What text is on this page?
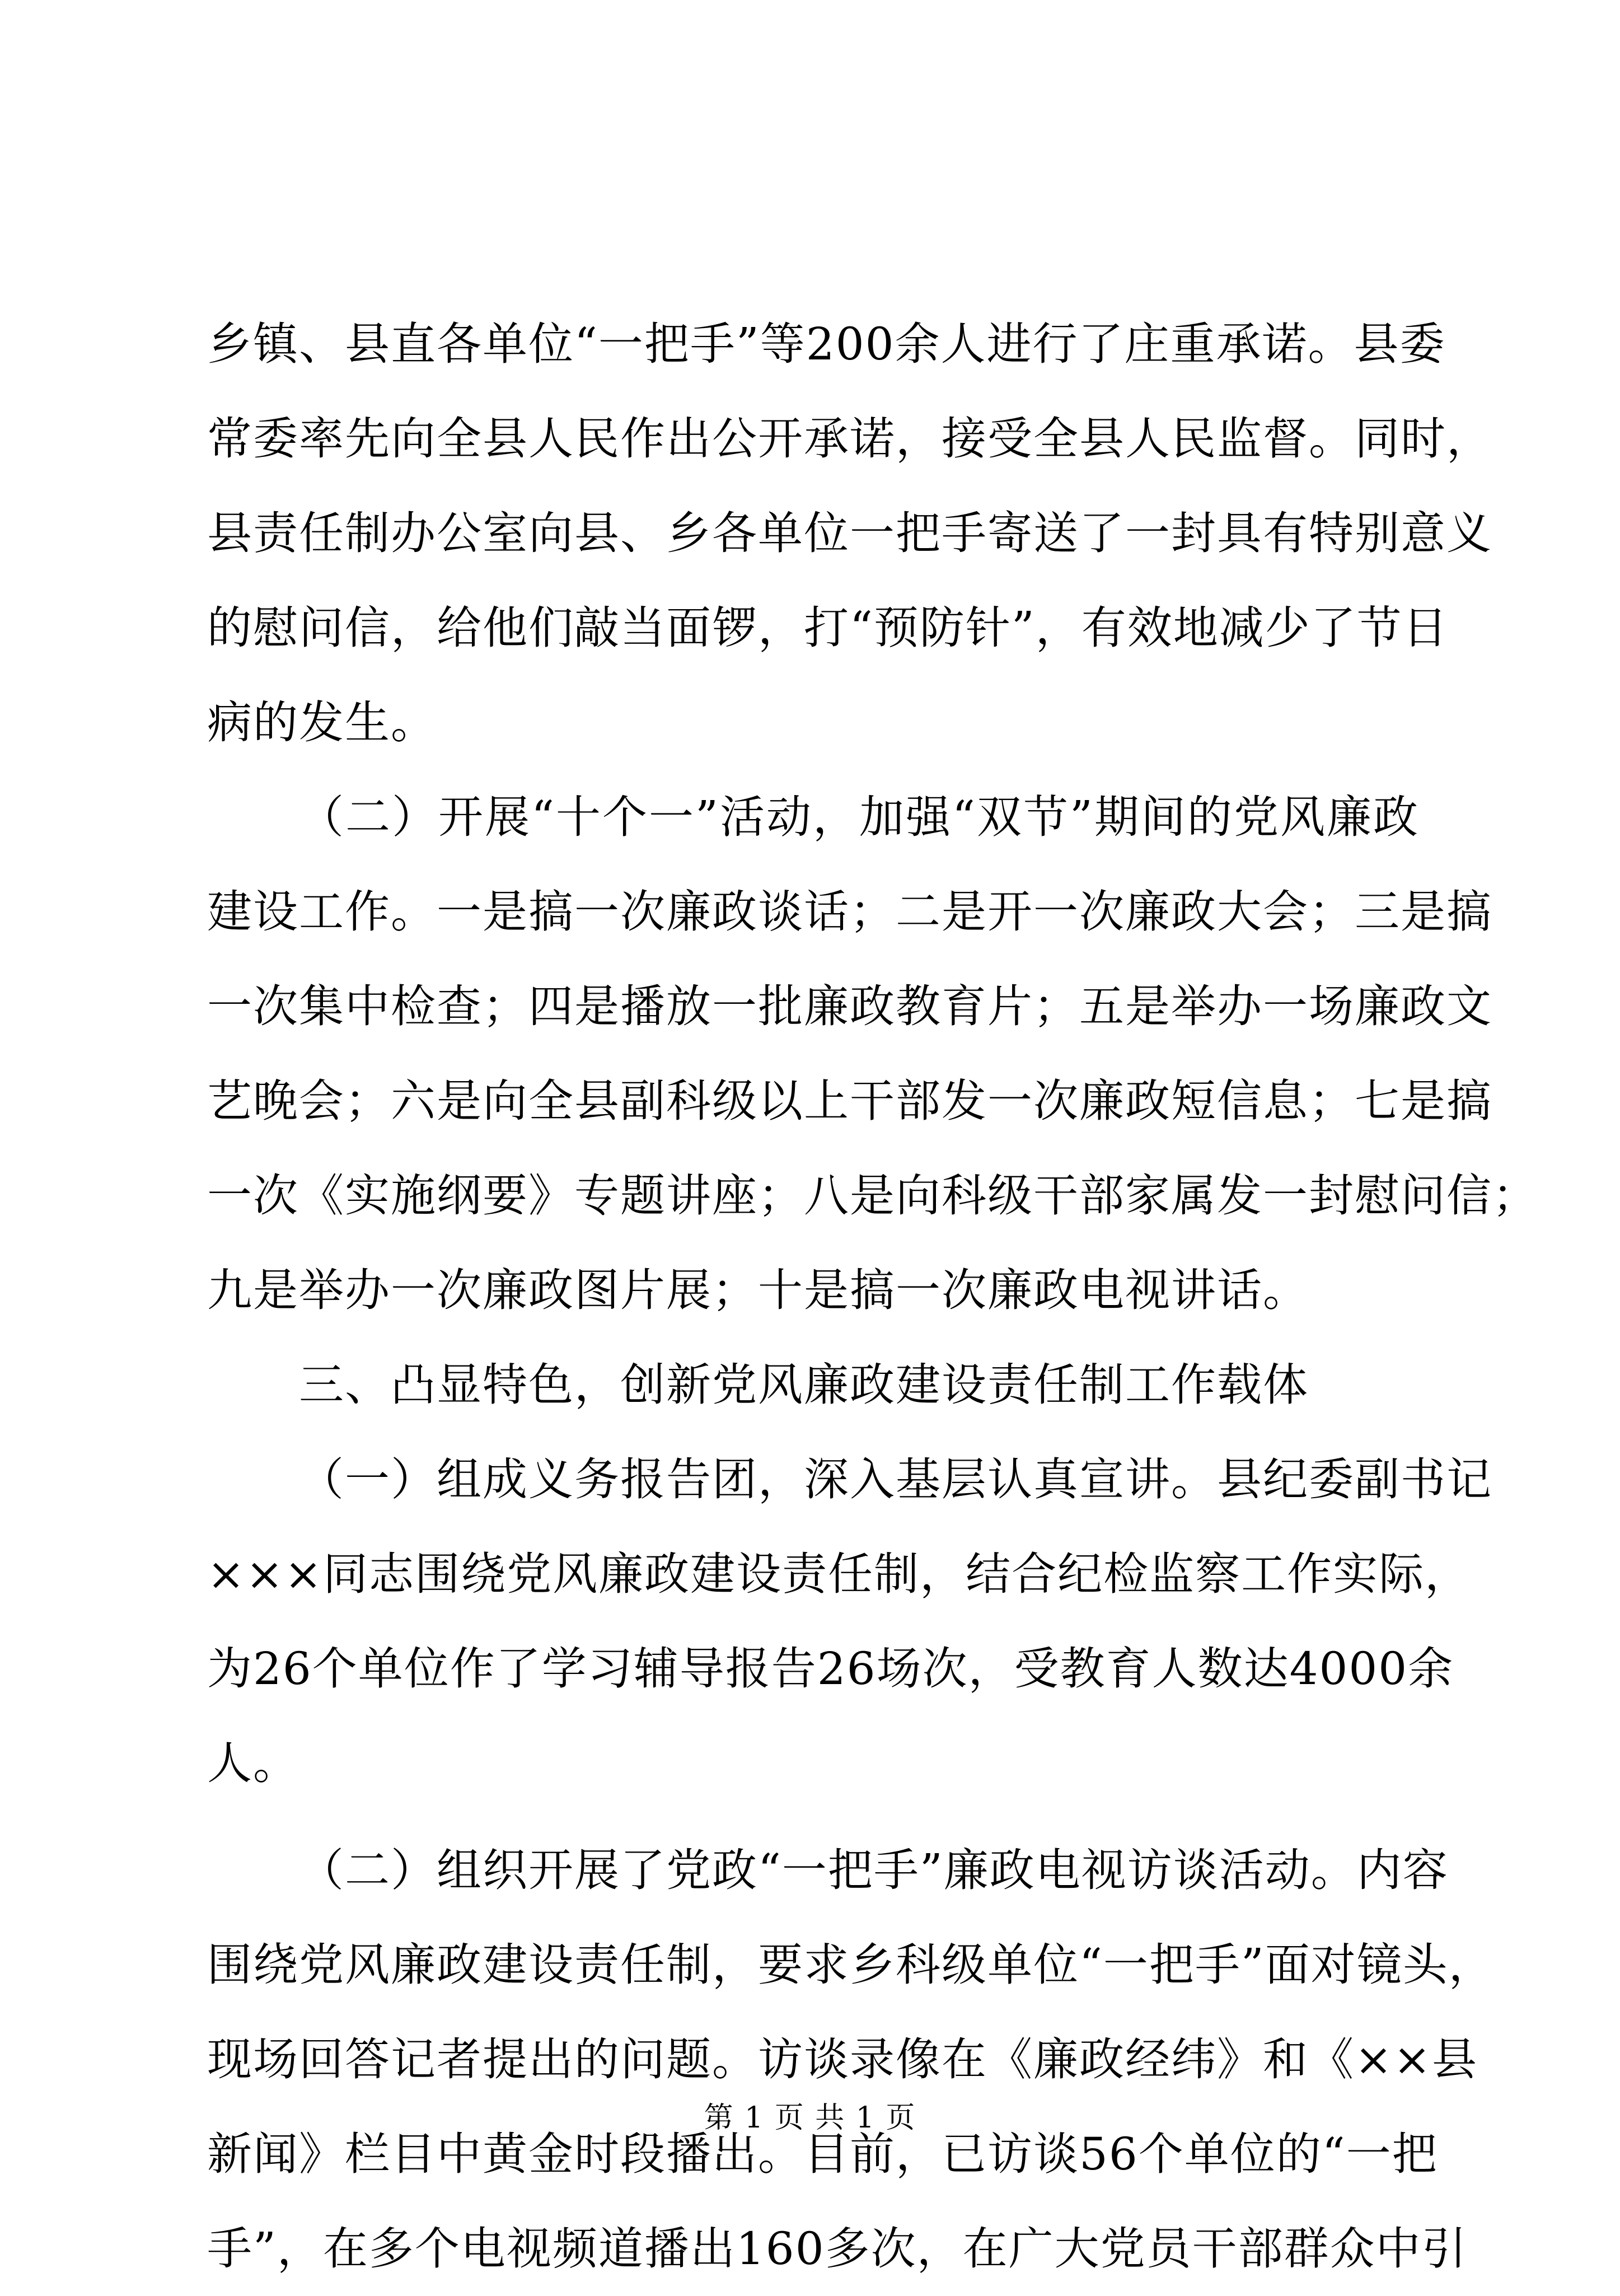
乡镇、县直各单位“一把手”等200余人进行了庄重承诺。县委
常委率先向全县人民作出公开承诺，接受全县人民监督。同时，
县责任制办公室向县、乡各单位一把手寄送了一封具有特别意义
的慰问信，给他们敲当面锣，打“预防针”，有效地减少了节日
病的发生。
（二）开展“十个一”活动，加强“双节”期间的党风廉政
建设工作。一是搞一次廉政谈话；二是开一次廉政大会；三是搞
一次集中检查；四是播放一批廉政教育片；五是举办一场廉政文
艺晚会；六是向全县副科级以上干部发一次廉政短信息；七是搞
一次《实施纲要》专题讲座；八是向科级干部家属发一封慰问信；
九是举办一次廉政图片展；十是搞一次廉政电视讲话。
三、凸显特色，创新党风廉政建设责任制工作载体
（一）组成义务报告团，深入基层认真宣讲。县纪委副书记
×××同志围绕党风廉政建设责任制，结合纪检监察工作实际，
为26个单位作了学习辅导报告26场次，受教育人数达4000余
人。
（二）组织开展了党政“一把手”廉政电视访谈活动。内容
围绕党风廉政建设责任制，要求乡科级单位“一把手”面对镜头，
现场回答记者提出的问题。访谈录像在《廉政经纬》和《××县
新闻》栏目中黄金时段播出。目前，已访谈56个单位的“一把
手”，在多个电视频道播出160多次，在广大党员干部群众中引
第 1 页 共 1 页
